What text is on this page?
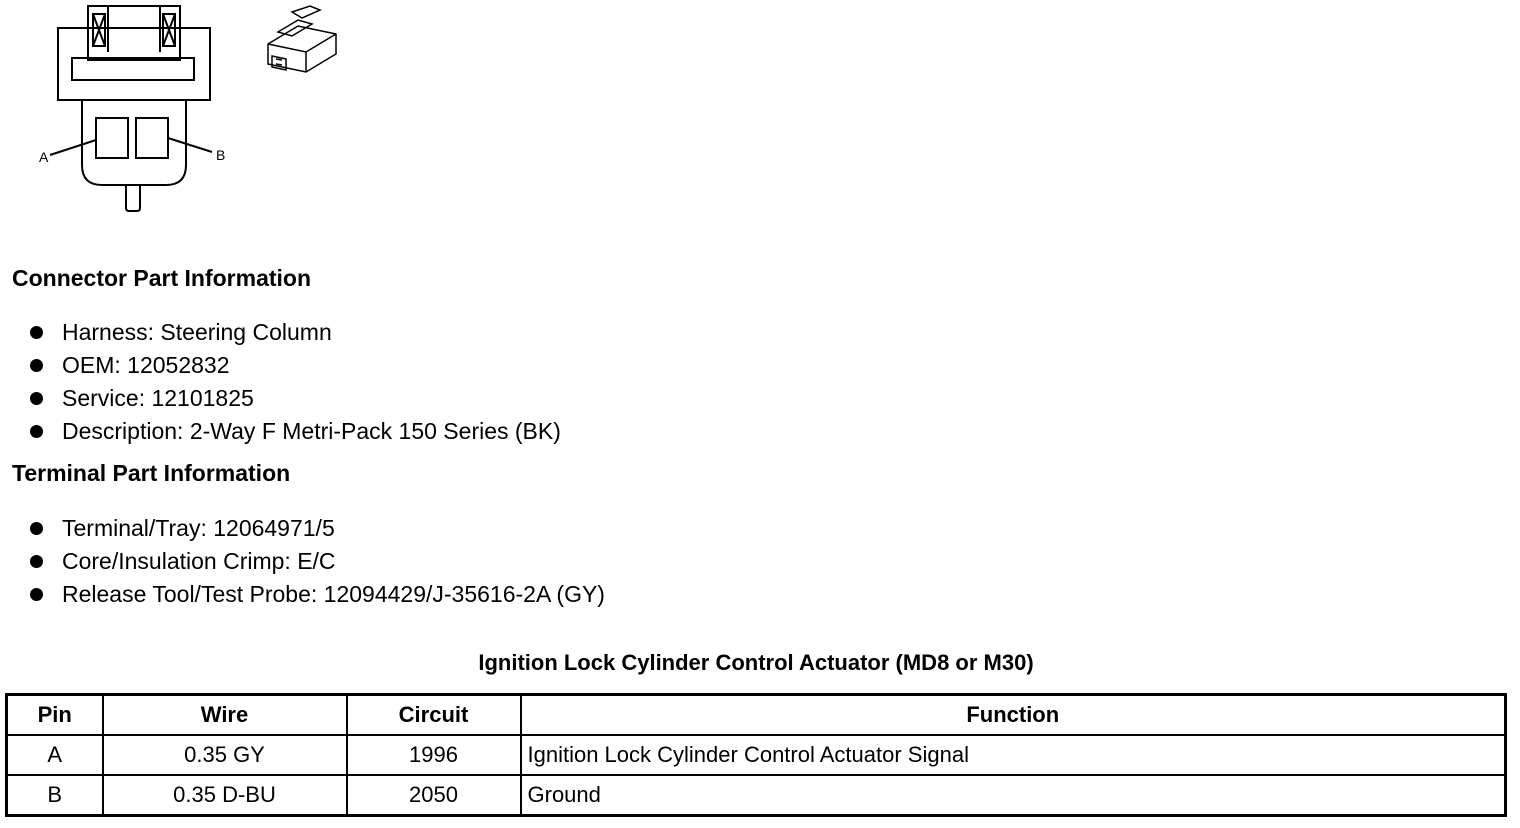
A	B
Connector Part Information
Harness: Steering Column
OEM: 12052832
Service: 12101825
Description: 2-Way F Metri-Pack 150 Series (BK)
Terminal Part Information
Terminal/Tray: 12064971/5
Core/Insulation Crimp: E/C
Release Tool/Test Probe: 12094429/J-35616-2A (GY)
Ignition Lock Cylinder Control Actuator (MD8 or M30)
Pin	Wire	Circuit	Function
A	0.35 GY	1996	Ignition Lock Cylinder Control Actuator Signal
B	0.35 D-BU	2050	Ground
